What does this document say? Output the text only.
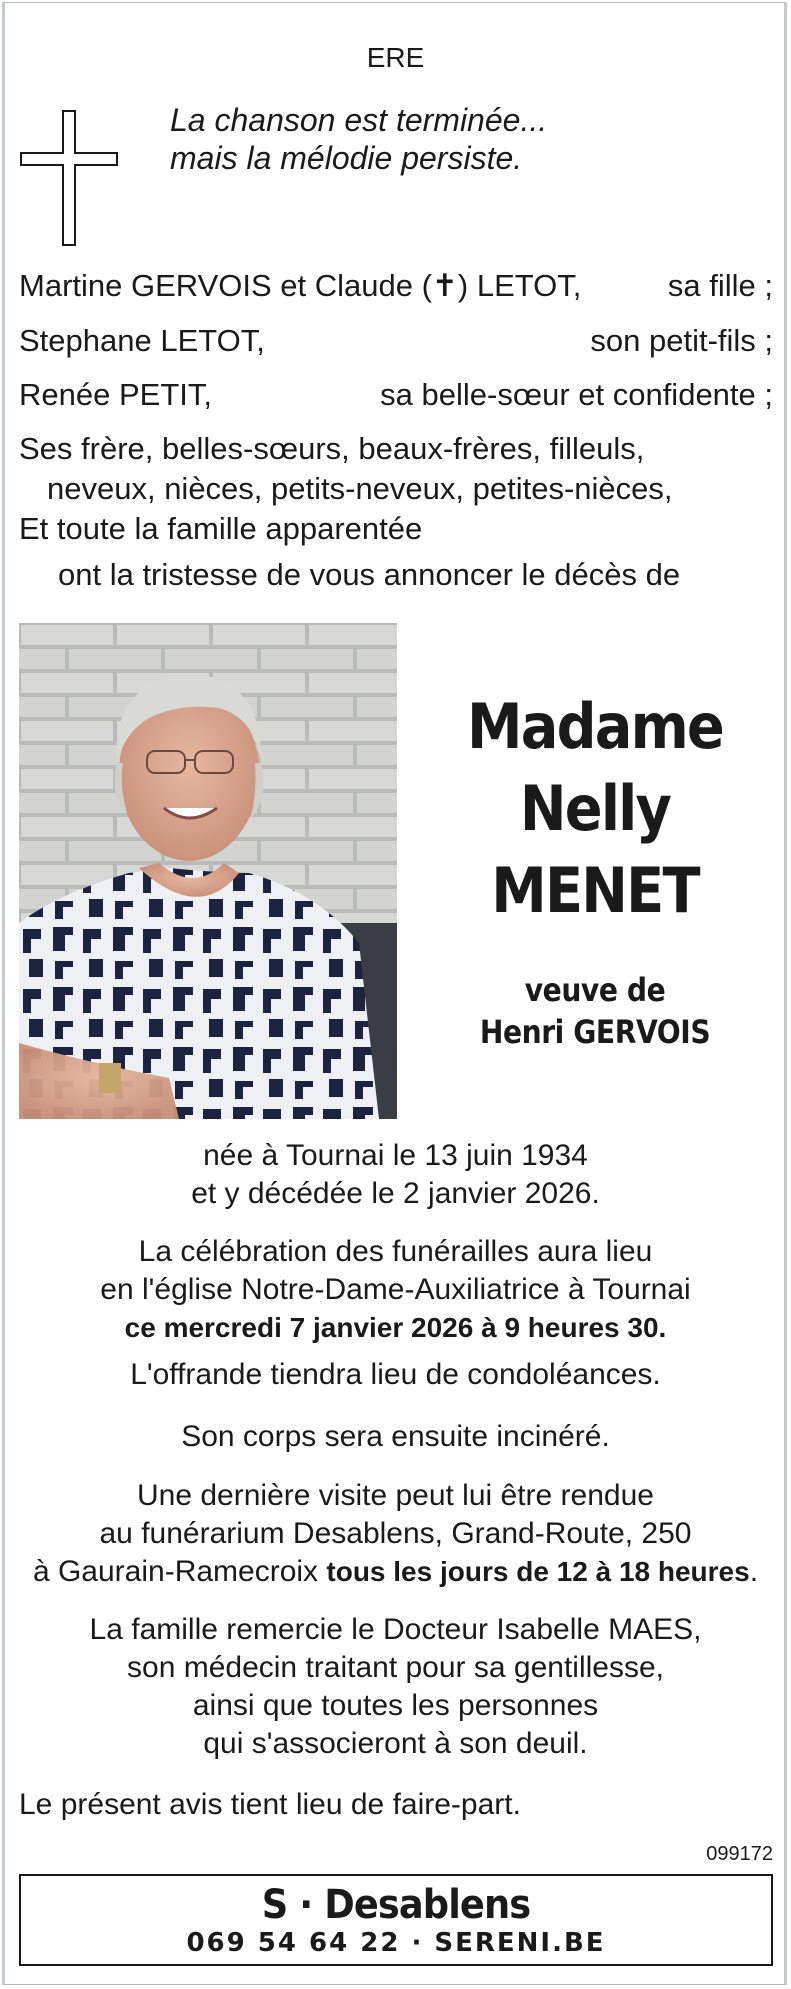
ERE
La chanson est terminée...
mais la mélodie persiste.
Martine GERVOIS et Claude (✝) LETOT,	sa fille ;
Stephane LETOT,	son petit-fils ;
Renée PETIT,	sa belle-sœur et confidente ;
Ses frère, belles-sœurs, beaux-frères, filleuls,
neveux, nièces, petits-neveux, petites-nièces,
Et toute la famille apparentée
ont la tristesse de vous annoncer le décès de
Madame
Nelly
MENET
veuve de
Henri GERVOIS
née à Tournai le 13 juin 1934
et y décédée le 2 janvier 2026.
La célébration des funérailles aura lieu
en l'église Notre-Dame-Auxiliatrice à Tournai
ce mercredi 7 janvier 2026 à 9 heures 30.
L'offrande tiendra lieu de condoléances.
Son corps sera ensuite incinéré.
Une dernière visite peut lui être rendue
au funérarium Desablens, Grand-Route, 250
à Gaurain-Ramecroix tous les jours de 12 à 18 heures.
La famille remercie le Docteur Isabelle MAES,
son médecin traitant pour sa gentillesse,
ainsi que toutes les personnes
qui s'associeront à son deuil.
Le présent avis tient lieu de faire-part.
099172
S · Desablens
069 54 64 22 · SERENI.BE
